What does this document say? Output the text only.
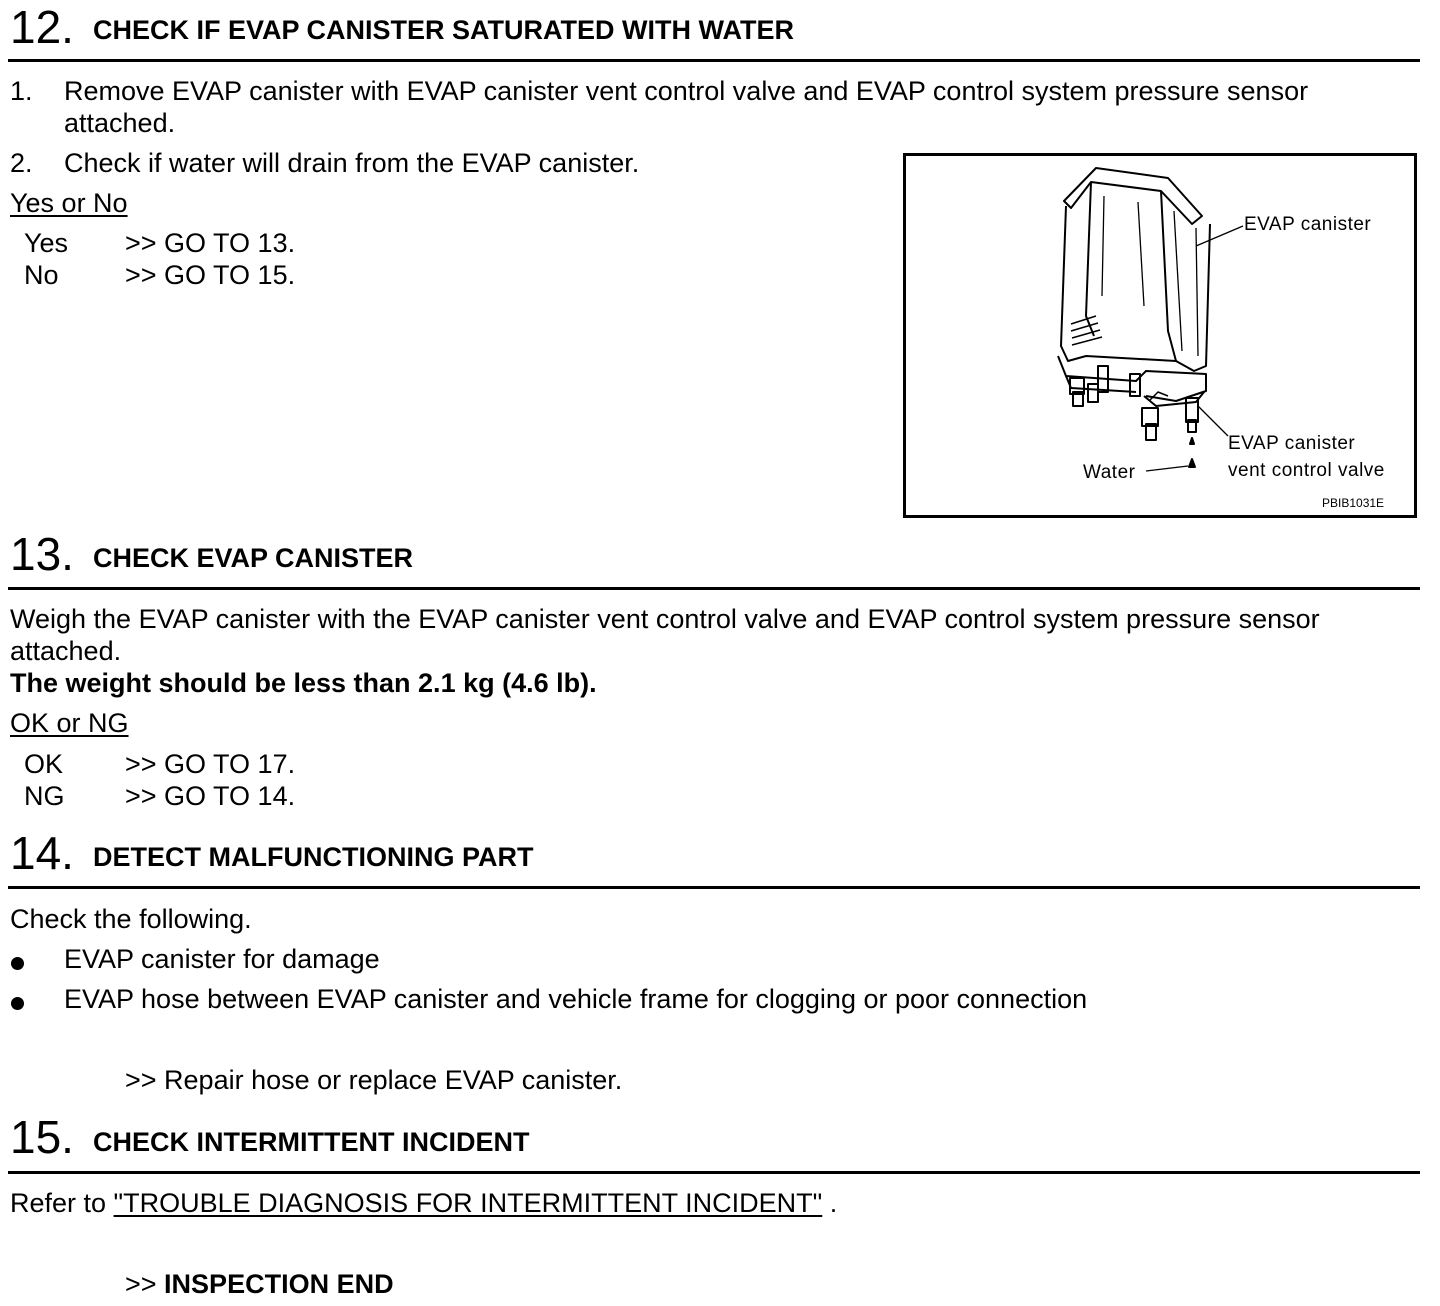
12. CHECK IF EVAP CANISTER SATURATED WITH WATER
1. Remove EVAP canister with EVAP canister vent control valve and EVAP control system pressure sensor
attached.
2. Check if water will drain from the EVAP canister.
Yes or No
Yes >> GO TO 13.
No >> GO TO 15.
EVAP canister
EVAP canister
vent control valve
Water
PBIB1031E
13. CHECK EVAP CANISTER
Weigh the EVAP canister with the EVAP canister vent control valve and EVAP control system pressure sensor
attached.
The weight should be less than 2.1 kg (4.6 lb).
OK or NG
OK >> GO TO 17.
NG >> GO TO 14.
14. DETECT MALFUNCTIONING PART
Check the following.
EVAP canister for damage
EVAP hose between EVAP canister and vehicle frame for clogging or poor connection
>> Repair hose or replace EVAP canister.
15. CHECK INTERMITTENT INCIDENT
Refer to "TROUBLE DIAGNOSIS FOR INTERMITTENT INCIDENT" .
>> INSPECTION END
